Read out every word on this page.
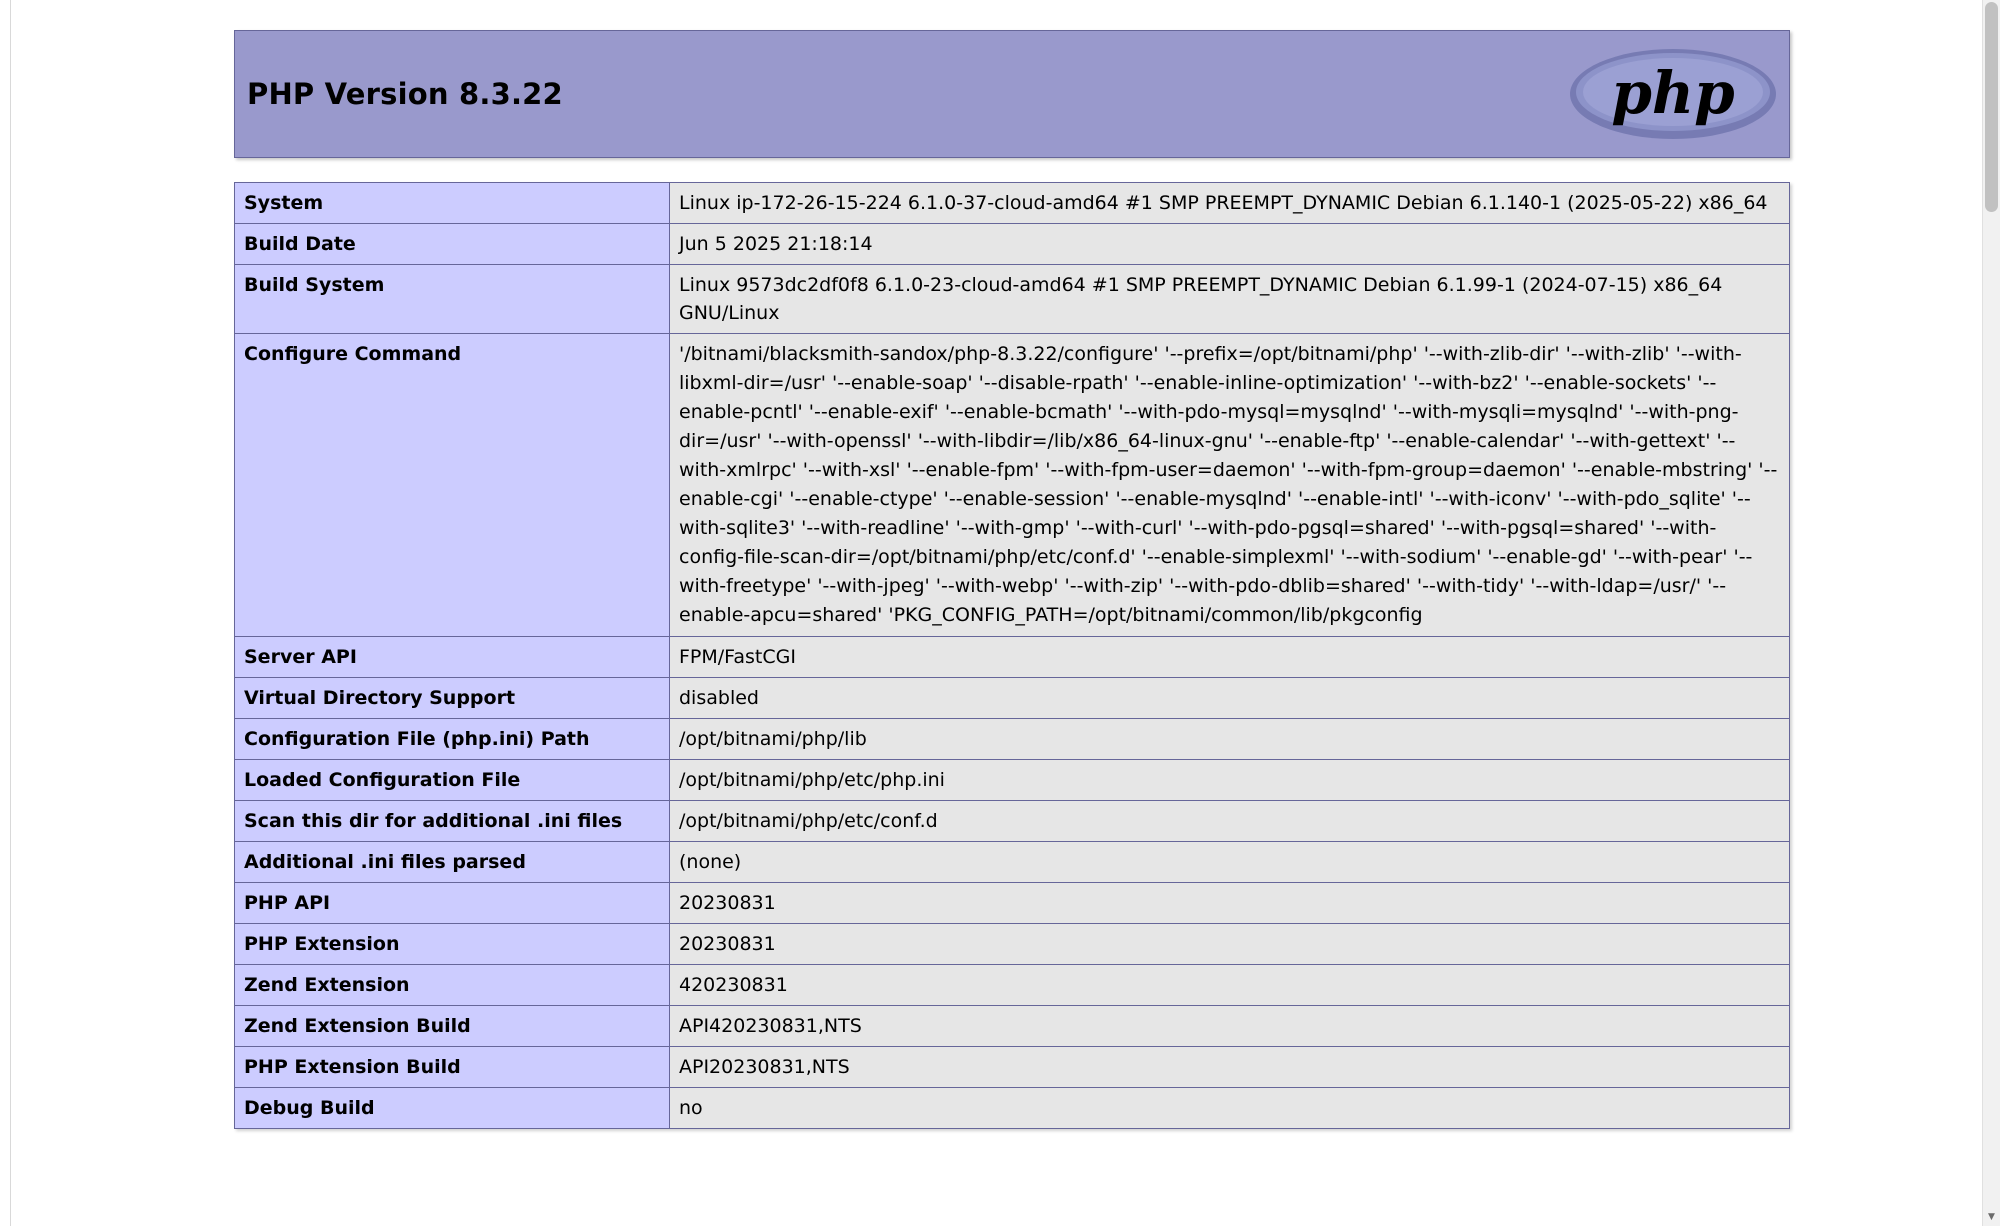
PHP Version 8.3.22	php
System	Linux ip-172-26-15-224 6.1.0-37-cloud-amd64 #1 SMP PREEMPT_DYNAMIC Debian 6.1.140-1 (2025-05-22) x86_64
Build Date	Jun 5 2025 21:18:14
Build System	Linux 9573dc2df0f8 6.1.0-23-cloud-amd64 #1 SMP PREEMPT_DYNAMIC Debian 6.1.99-1 (2024-07-15) x86_64 GNU/Linux
Configure Command	'/bitnami/blacksmith-sandox/php-8.3.22/configure' '--prefix=/opt/bitnami/php' '--with-zlib-dir' '--with-zlib' '--with-libxml-dir=/usr' '--enable-soap' '--disable-rpath' '--enable-inline-optimization' '--with-bz2' '--enable-sockets' '--enable-pcntl' '--enable-exif' '--enable-bcmath' '--with-pdo-mysql=mysqlnd' '--with-mysqli=mysqlnd' '--with-png-dir=/usr' '--with-openssl' '--with-libdir=/lib/x86_64-linux-gnu' '--enable-ftp' '--enable-calendar' '--with-gettext' '--with-xmlrpc' '--with-xsl' '--enable-fpm' '--with-fpm-user=daemon' '--with-fpm-group=daemon' '--enable-mbstring' '--enable-cgi' '--enable-ctype' '--enable-session' '--enable-mysqlnd' '--enable-intl' '--with-iconv' '--with-pdo_sqlite' '--with-sqlite3' '--with-readline' '--with-gmp' '--with-curl' '--with-pdo-pgsql=shared' '--with-pgsql=shared' '--with-config-file-scan-dir=/opt/bitnami/php/etc/conf.d' '--enable-simplexml' '--with-sodium' '--enable-gd' '--with-pear' '--with-freetype' '--with-jpeg' '--with-webp' '--with-zip' '--with-pdo-dblib=shared' '--with-tidy' '--with-ldap=/usr/' '--enable-apcu=shared' 'PKG_CONFIG_PATH=/opt/bitnami/common/lib/pkgconfig
Server API	FPM/FastCGI
Virtual Directory Support	disabled
Configuration File (php.ini) Path	/opt/bitnami/php/lib
Loaded Configuration File	/opt/bitnami/php/etc/php.ini
Scan this dir for additional .ini files	/opt/bitnami/php/etc/conf.d
Additional .ini files parsed	(none)
PHP API	20230831
PHP Extension	20230831
Zend Extension	420230831
Zend Extension Build	API420230831,NTS
PHP Extension Build	API20230831,NTS
Debug Build	no
▼
